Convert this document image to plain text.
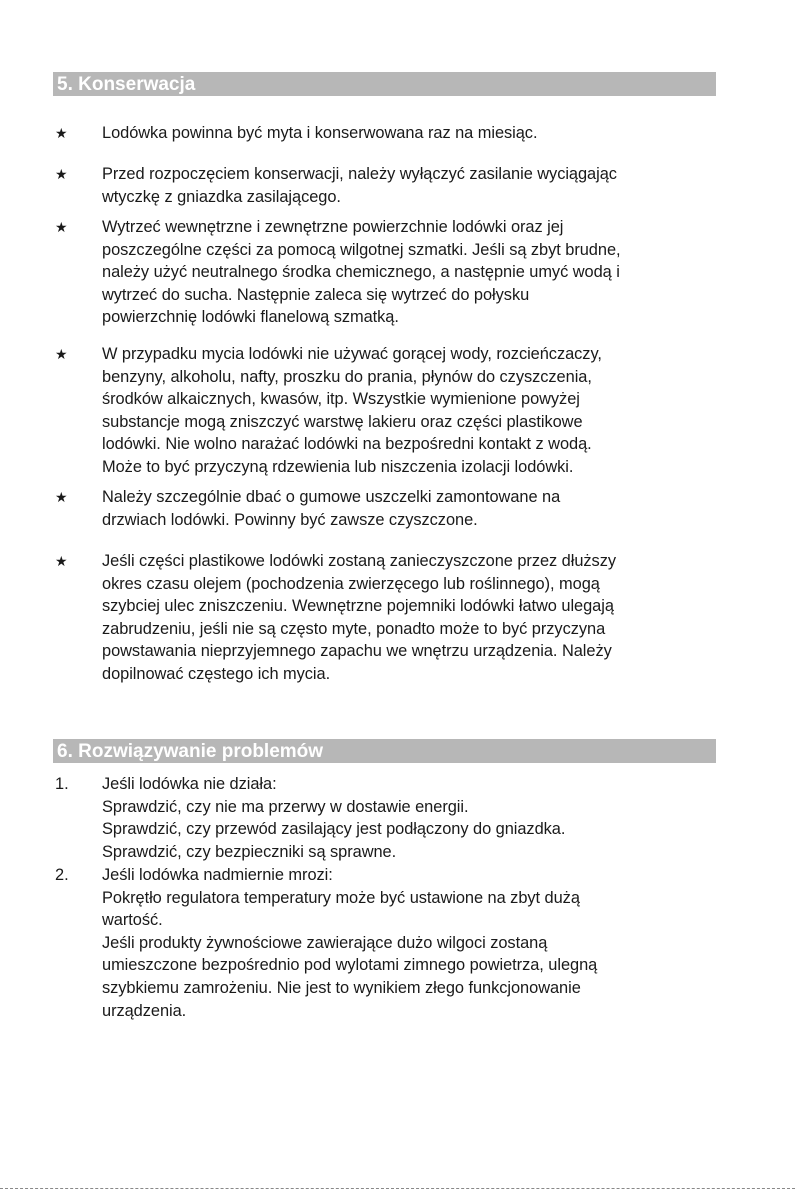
5. Konserwacja
★	Lodówka powinna być myta i konserwowana raz na miesiąc.
★	Przed rozpoczęciem konserwacji, należy wyłączyć zasilanie wyciągając
wtyczkę z gniazdka zasilającego.
★	Wytrzeć wewnętrzne i zewnętrzne powierzchnie lodówki oraz jej
poszczególne części za pomocą wilgotnej szmatki. Jeśli są zbyt brudne,
należy użyć neutralnego środka chemicznego, a następnie umyć wodą i
wytrzeć do sucha. Następnie zaleca się wytrzeć do połysku
powierzchnię lodówki flanelową szmatką.
★	W przypadku mycia lodówki nie używać gorącej wody, rozcieńczaczy,
benzyny, alkoholu, nafty, proszku do prania, płynów do czyszczenia,
środków alkaicznych, kwasów, itp. Wszystkie wymienione powyżej
substancje mogą zniszczyć warstwę lakieru oraz części plastikowe
lodówki. Nie wolno narażać lodówki na bezpośredni kontakt z wodą.
Może to być przyczyną rdzewienia lub niszczenia izolacji lodówki.
★	Należy szczególnie dbać o gumowe uszczelki zamontowane na
drzwiach lodówki. Powinny być zawsze czyszczone.
★	Jeśli części plastikowe lodówki zostaną zanieczyszczone przez dłuższy
okres czasu olejem (pochodzenia zwierzęcego lub roślinnego), mogą
szybciej ulec zniszczeniu. Wewnętrzne pojemniki lodówki łatwo ulegają
zabrudzeniu, jeśli nie są często myte, ponadto może to być przyczyna
powstawania nieprzyjemnego zapachu we wnętrzu urządzenia. Należy
dopilnować częstego ich mycia.
6. Rozwiązywanie problemów
1. Jeśli lodówka nie działa:
Sprawdzić, czy nie ma przerwy w dostawie energii.
Sprawdzić, czy przewód zasilający jest podłączony do gniazdka.
Sprawdzić, czy bezpieczniki są sprawne.
2. Jeśli lodówka nadmiernie mrozi:
Pokrętło regulatora temperatury może być ustawione na zbyt dużą
wartość.
Jeśli produkty żywnościowe zawierające dużo wilgoci zostaną
umieszczone bezpośrednio pod wylotami zimnego powietrza, ulegną
szybkiemu zamrożeniu. Nie jest to wynikiem złego funkcjonowanie
urządzenia.
